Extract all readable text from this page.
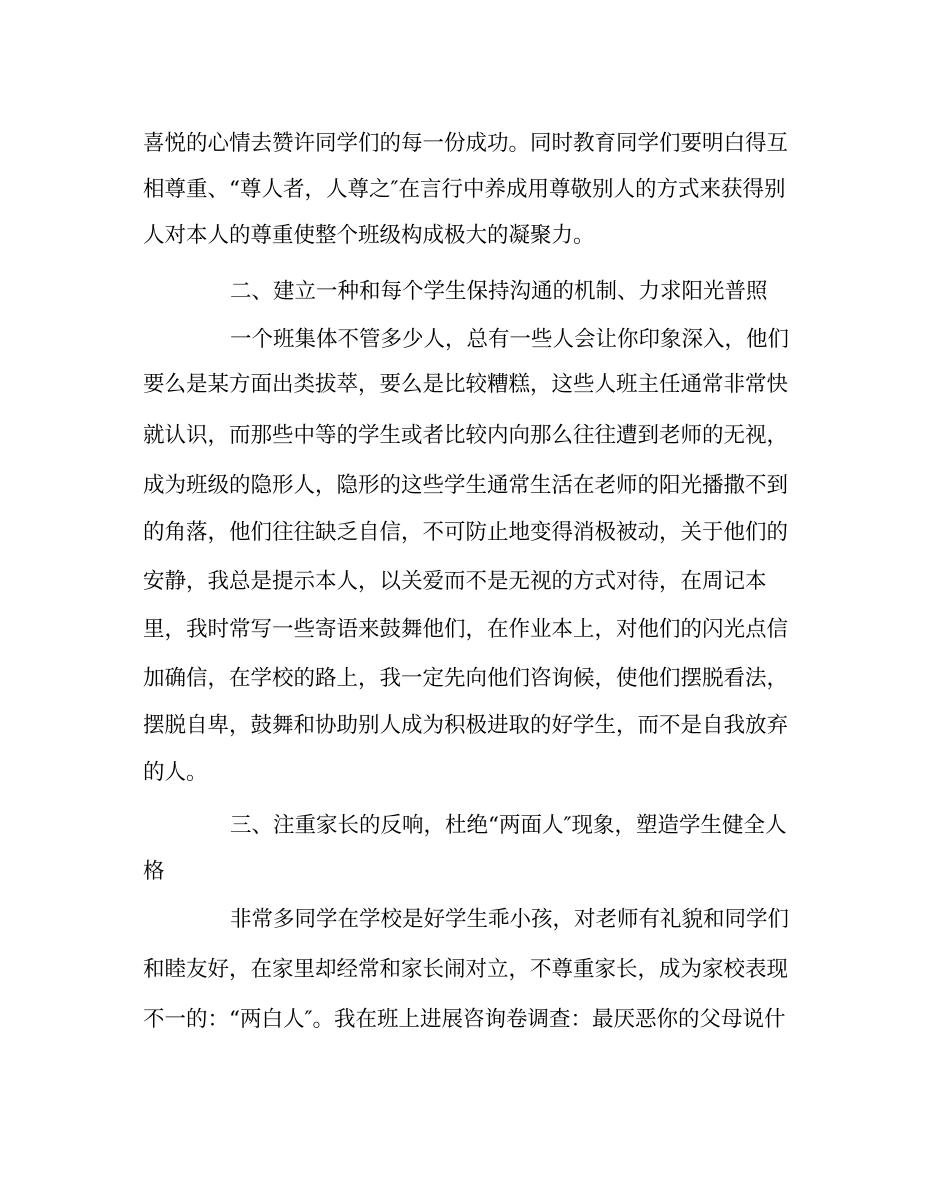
喜悦的心情去赞许同学们的每一份成功。同时教育同学们要明白得互
相尊重、“尊人者，人尊之″在言行中养成用尊敬别人的方式来获得别
人对本人的尊重使整个班级构成极大的凝聚力。
二、建立一种和每个学生保持沟通的机制、力求阳光普照
一个班集体不管多少人，总有一些人会让你印象深入，他们
要么是某方面出类拔萃，要么是比较糟糕，这些人班主任通常非常快
就认识，而那些中等的学生或者比较内向那么往往遭到老师的无视，
成为班级的隐形人，隐形的这些学生通常生活在老师的阳光播撒不到
的角落，他们往往缺乏自信，不可防止地变得消极被动，关于他们的
安静，我总是提示本人，以关爱而不是无视的方式对待，在周记本
里，我时常写一些寄语来鼓舞他们，在作业本上，对他们的闪光点信
加确信，在学校的路上，我一定先向他们咨询候，使他们摆脱看法，
摆脱自卑，鼓舞和协助别人成为积极进取的好学生，而不是自我放弃
的人。
三、注重家长的反响，杜绝“两面人″现象，塑造学生健全人
格
非常多同学在学校是好学生乖小孩，对老师有礼貌和同学们
和睦友好，在家里却经常和家长闹对立，不尊重家长，成为家校表现
不一的：“两白人″。我在班上进展咨询卷调查：最厌恶你的父母说什
